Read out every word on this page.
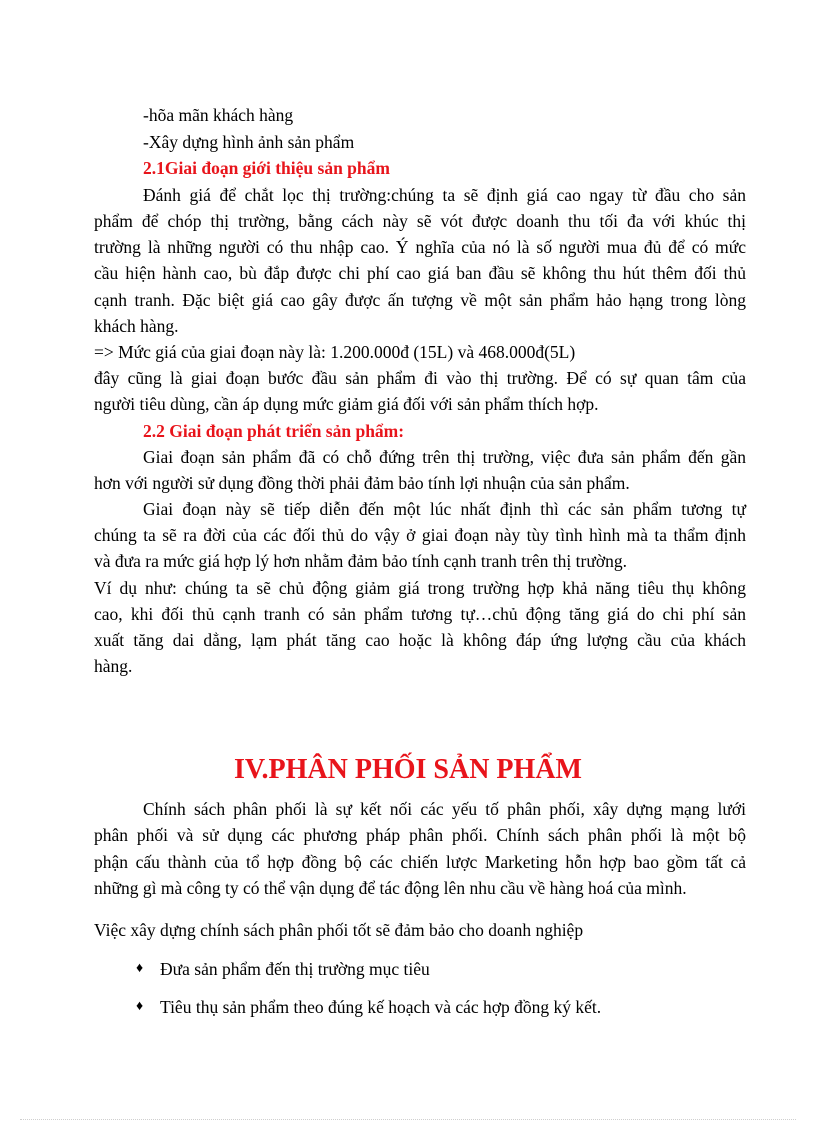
-hõa mãn khách hàng
-Xây dựng hình ảnh sản phẩm
2.1Giai đoạn giới thiệu sản phẩm
Đánh giá để chắt lọc thị trường:chúng ta sẽ định giá cao ngay từ đầu cho sản
phẩm để chóp thị trường, bằng cách này sẽ vót được doanh thu tối đa với khúc thị
trường là những người có thu nhập cao. Ý nghĩa của nó là số người mua đủ để có mức
cầu hiện hành cao, bù đắp được chi phí cao giá ban đầu sẽ không thu hút thêm đối thủ
cạnh tranh. Đặc biệt giá cao gây được ấn tượng về một sản phẩm hảo hạng trong lòng
khách hàng.
=> Mức giá của giai đoạn này là: 1.200.000đ (15L) và 468.000đ(5L)
đây cũng là giai đoạn bước đầu sản phẩm đi vào thị trường. Để có sự quan tâm của
người tiêu dùng, cần áp dụng mức giảm giá đối với sản phẩm thích hợp.
2.2 Giai đoạn phát triển sản phẩm:
Giai đoạn sản phẩm đã có chỗ đứng trên thị trường, việc đưa sản phẩm đến gần
hơn với người sử dụng đồng thời phải đảm bảo tính lợi nhuận của sản phẩm.
Giai đoạn này sẽ tiếp diễn đến một lúc nhất định thì các sản phẩm tương tự
chúng ta sẽ ra đời của các đối thủ do vậy ở giai đoạn này tùy tình hình mà ta thẩm định
và đưa ra mức giá hợp lý hơn nhằm đảm bảo tính cạnh tranh trên thị trường.
Ví dụ như: chúng ta sẽ chủ động giảm giá trong trường hợp khả năng tiêu thụ không
cao, khi đối thủ cạnh tranh có sản phẩm tương tự…chủ động tăng giá do chi phí sản
xuất tăng dai dẳng, lạm phát tăng cao hoặc là không đáp ứng lượng cầu của khách
hàng.
IV.PHÂN PHỐI SẢN PHẨM
Chính sách phân phối là sự kết nối các yếu tố phân phối, xây dựng mạng lưới
phân phối và sử dụng các phương pháp phân phối. Chính sách phân phối là một bộ
phận cấu thành của tổ hợp đồng bộ các chiến lược Marketing hỗn hợp bao gồm tất cả
những gì mà công ty có thể vận dụng để tác động lên nhu cầu về hàng hoá của mình.
Việc xây dựng chính sách phân phối tốt sẽ đảm bảo cho doanh nghiệp
♦ Đưa sản phẩm đến thị trường mục tiêu
♦ Tiêu thụ sản phẩm theo đúng kế hoạch và các hợp đồng ký kết.
